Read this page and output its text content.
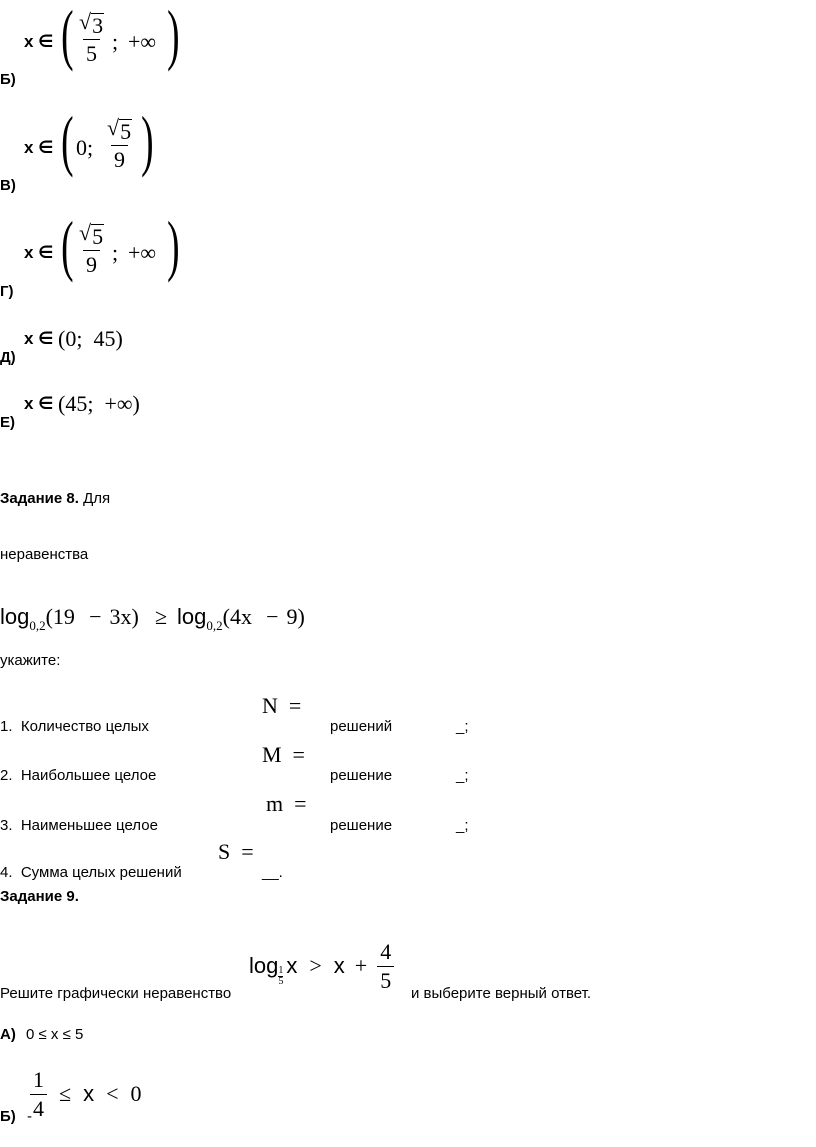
Б)
x ∈ ( $\frac{√ 3}{5}$ ; +∞ )
В)
x ∈ ( 0; $\frac{√ 5}{9}$ )
Г)
x ∈ ( $\frac{√ 5}{9}$ ; +∞ )
Д)
x ∈ (0;  45)
Е)
x ∈ (45;  +∞)
Задание 8. Для
неравенства
$\log_{0,2}(19 - 3x) \ge \log_{0,2}(4x - 9)$
укажите:
1.  Количество целых
N  =
решений	_;
2.  Наибольшее целое
M  =
решение	_;
3.  Наименьшее целое
m  =
решение	_;
4.  Сумма целых решений
S  =
__.
Задание 9.
Решите графически неравенство
log 1
5
$x > x + \frac{4}{5}$
и выберите верный ответ.
А) 0 ≤ x ≤ 5
Б) -
$\frac{1}{4} \le x < 0$
